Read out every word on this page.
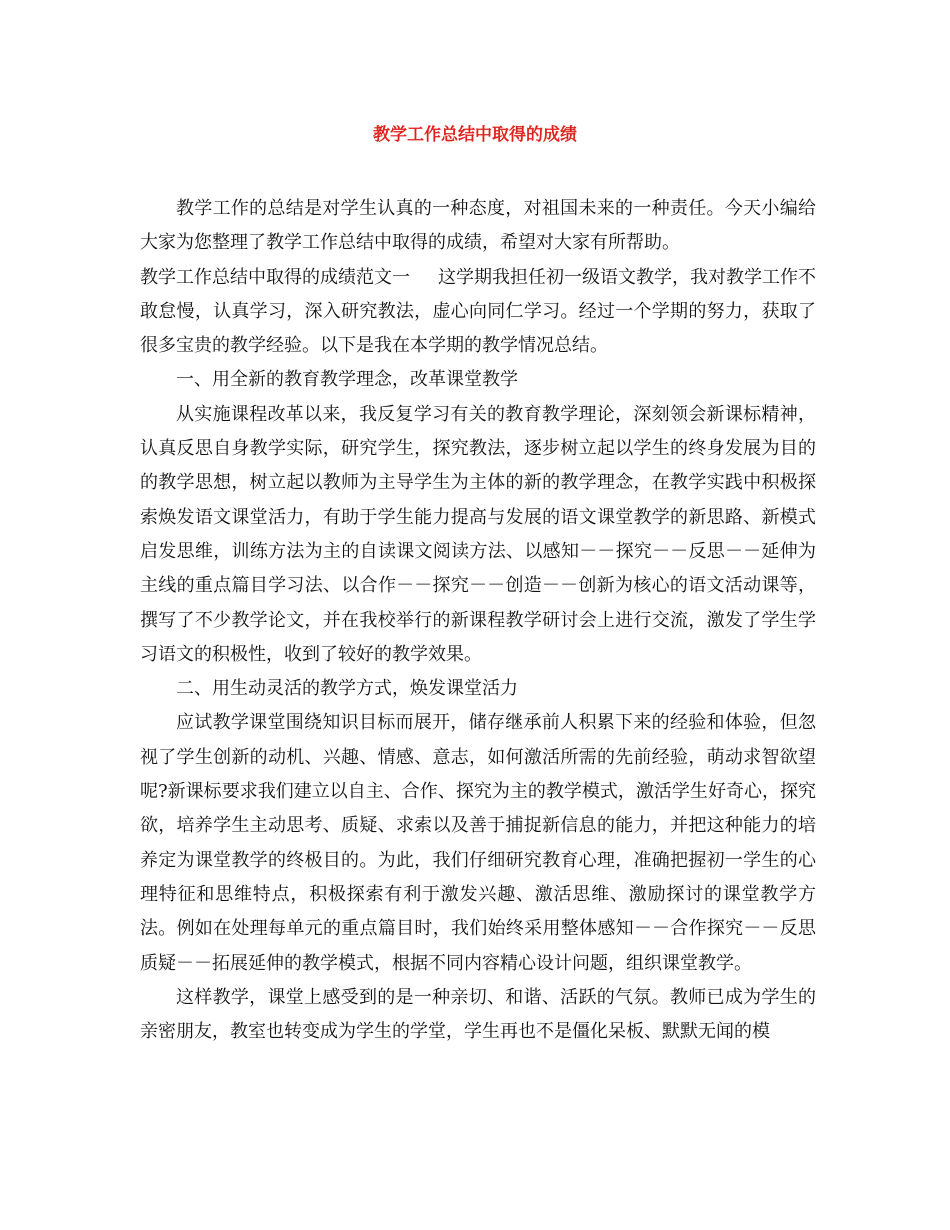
教学工作总结中取得的成绩

教学工作的总结是对学生认真的一种态度，对祖国未来的一种责任。今天小编给大家为您整理了教学工作总结中取得的成绩，希望对大家有所帮助。

教学工作总结中取得的成绩范文一 这学期我担任初一级语文教学，我对教学工作不敢怠慢，认真学习，深入研究教法，虚心向同仁学习。经过一个学期的努力，获取了很多宝贵的教学经验。以下是我在本学期的教学情况总结。

一、用全新的教育教学理念，改革课堂教学

从实施课程改革以来，我反复学习有关的教育教学理论，深刻领会新课标精神，认真反思自身教学实际，研究学生，探究教法，逐步树立起以学生的终身发展为目的的教学思想，树立起以教师为主导学生为主体的新的教学理念，在教学实践中积极探索焕发语文课堂活力，有助于学生能力提高与发展的语文课堂教学的新思路、新模式启发思维，训练方法为主的自读课文阅读方法、以感知－－探究－－反思－－延伸为主线的重点篇目学习法、以合作－－探究－－创造－－创新为核心的语文活动课等，撰写了不少教学论文，并在我校举行的新课程教学研讨会上进行交流，激发了学生学习语文的积极性，收到了较好的教学效果。

二、用生动灵活的教学方式，焕发课堂活力

应试教学课堂围绕知识目标而展开，储存继承前人积累下来的经验和体验，但忽视了学生创新的动机、兴趣、情感、意志，如何激活所需的先前经验，萌动求智欲望呢?新课标要求我们建立以自主、合作、探究为主的教学模式，激活学生好奇心，探究欲，培养学生主动思考、质疑、求索以及善于捕捉新信息的能力，并把这种能力的培养定为课堂教学的终极目的。为此，我们仔细研究教育心理，准确把握初一学生的心理特征和思维特点，积极探索有利于激发兴趣、激活思维、激励探讨的课堂教学方法。例如在处理每单元的重点篇目时，我们始终采用整体感知－－合作探究－－反思质疑－－拓展延伸的教学模式，根据不同内容精心设计问题，组织课堂教学。

这样教学，课堂上感受到的是一种亲切、和谐、活跃的气氛。教师已成为学生的亲密朋友，教室也转变成为学生的学堂，学生再也不是僵化呆板、默默无闻的模
